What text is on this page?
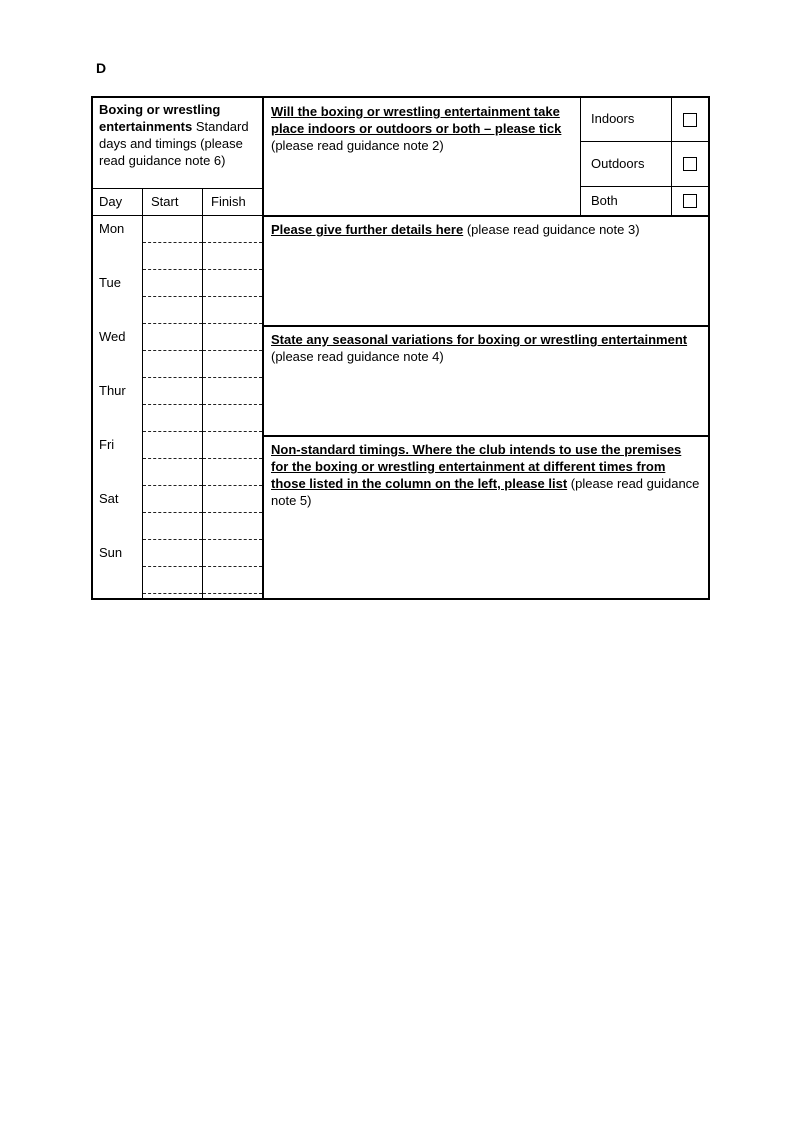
D
Boxing or wrestling entertainments Standard days and timings (please read guidance note 6)
Day	Start	Finish
Mon
Tue
Wed
Thur
Fri
Sat
Sun
Will the boxing or wrestling entertainment take place indoors or outdoors or both – please tick (please read guidance note 2)
Indoors
Outdoors
Both
Please give further details here (please read guidance note 3)
State any seasonal variations for boxing or wrestling entertainment (please read guidance note 4)
Non-standard timings. Where the club intends to use the premises for the boxing or wrestling entertainment at different times from those listed in the column on the left, please list (please read guidance note 5)
